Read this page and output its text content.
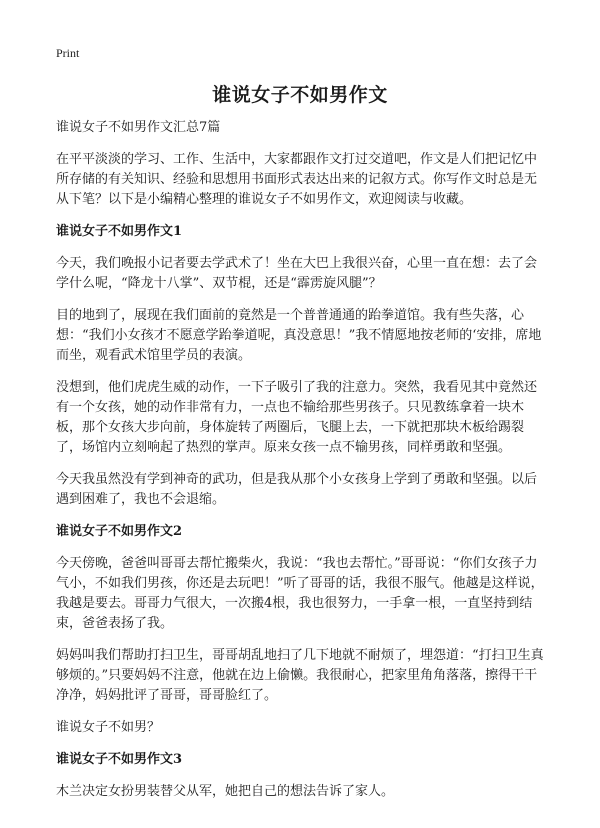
Print
谁说女子不如男作文

谁说女子不如男作文汇总7篇

在平平淡淡的学习、工作、生活中，大家都跟作文打过交道吧，作文是人们把记忆中所存储的有关知识、经验和思想用书面形式表达出来的记叙方式。你写作文时总是无从下笔？以下是小编精心整理的谁说女子不如男作文，欢迎阅读与收藏。

谁说女子不如男作文1

今天，我们晚报小记者要去学武术了！坐在大巴上我很兴奋，心里一直在想：去了会学什么呢，“降龙十八掌”、双节棍，还是“霹雳旋风腿”？

目的地到了，展现在我们面前的竟然是一个普普通通的跆拳道馆。我有些失落，心想：“我们小女孩才不愿意学跆拳道呢，真没意思！”我不情愿地按老师的‘安排，席地而坐，观看武术馆里学员的表演。

没想到，他们虎虎生威的动作，一下子吸引了我的注意力。突然，我看见其中竟然还有一个女孩，她的动作非常有力，一点也不输给那些男孩子。只见教练拿着一块木板，那个女孩大步向前，身体旋转了两圈后，飞腿上去，一下就把那块木板给踢裂了，场馆内立刻响起了热烈的掌声。原来女孩一点不输男孩，同样勇敢和坚强。

今天我虽然没有学到神奇的武功，但是我从那个小女孩身上学到了勇敢和坚强。以后遇到困难了，我也不会退缩。

谁说女子不如男作文2

今天傍晚，爸爸叫哥哥去帮忙搬柴火，我说：“我也去帮忙。”哥哥说：“你们女孩子力气小，不如我们男孩，你还是去玩吧！”听了哥哥的话，我很不服气。他越是这样说，我越是要去。哥哥力气很大，一次搬4根，我也很努力，一手拿一根，一直坚持到结束，爸爸表扬了我。

妈妈叫我们帮助打扫卫生，哥哥胡乱地扫了几下地就不耐烦了，埋怨道：“打扫卫生真够烦的。”只要妈妈不注意，他就在边上偷懒。我很耐心，把家里角角落落，擦得干干净净，妈妈批评了哥哥，哥哥脸红了。

谁说女子不如男？

谁说女子不如男作文3

木兰决定女扮男装替父从军，她把自己的想法告诉了家人。
